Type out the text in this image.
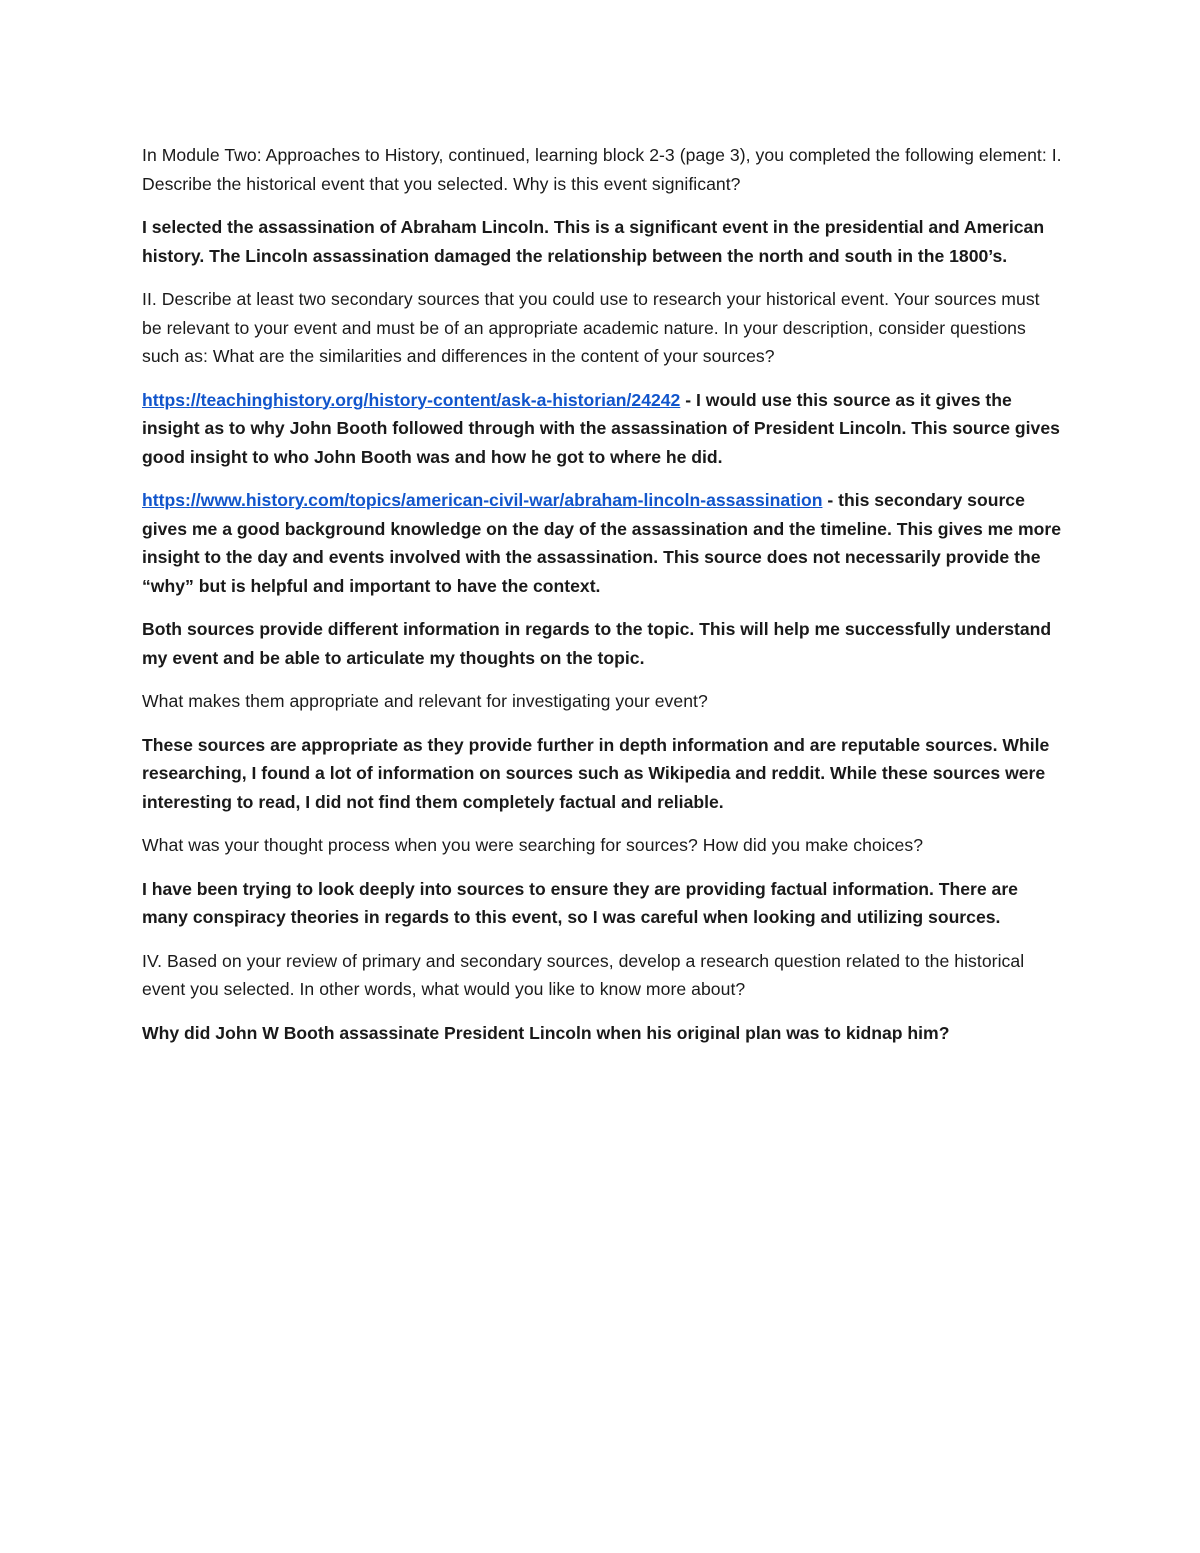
In Module Two: Approaches to History, continued, learning block 2-3 (page 3), you completed the following element: I. Describe the historical event that you selected. Why is this event significant?

I selected the assassination of Abraham Lincoln. This is a significant event in the presidential and American history. The Lincoln assassination damaged the relationship between the north and south in the 1800’s.

II. Describe at least two secondary sources that you could use to research your historical event. Your sources must be relevant to your event and must be of an appropriate academic nature. In your description, consider questions such as: What are the similarities and differences in the content of your sources?

https://teachinghistory.org/history-content/ask-a-historian/24242 - I would use this source as it gives the insight as to why John Booth followed through with the assassination of President Lincoln. This source gives good insight to who John Booth was and how he got to where he did.

https://www.history.com/topics/american-civil-war/abraham-lincoln-assassination - this secondary source gives me a good background knowledge on the day of the assassination and the timeline. This gives me more insight to the day and events involved with the assassination. This source does not necessarily provide the “why” but is helpful and important to have the context.

Both sources provide different information in regards to the topic. This will help me successfully understand my event and be able to articulate my thoughts on the topic.

What makes them appropriate and relevant for investigating your event?

These sources are appropriate as they provide further in depth information and are reputable sources. While researching, I found a lot of information on sources such as Wikipedia and reddit. While these sources were interesting to read, I did not find them completely factual and reliable.

What was your thought process when you were searching for sources? How did you make choices?

I have been trying to look deeply into sources to ensure they are providing factual information. There are many conspiracy theories in regards to this event, so I was careful when looking and utilizing sources.

IV. Based on your review of primary and secondary sources, develop a research question related to the historical event you selected. In other words, what would you like to know more about?

Why did John W Booth assassinate President Lincoln when his original plan was to kidnap him?
